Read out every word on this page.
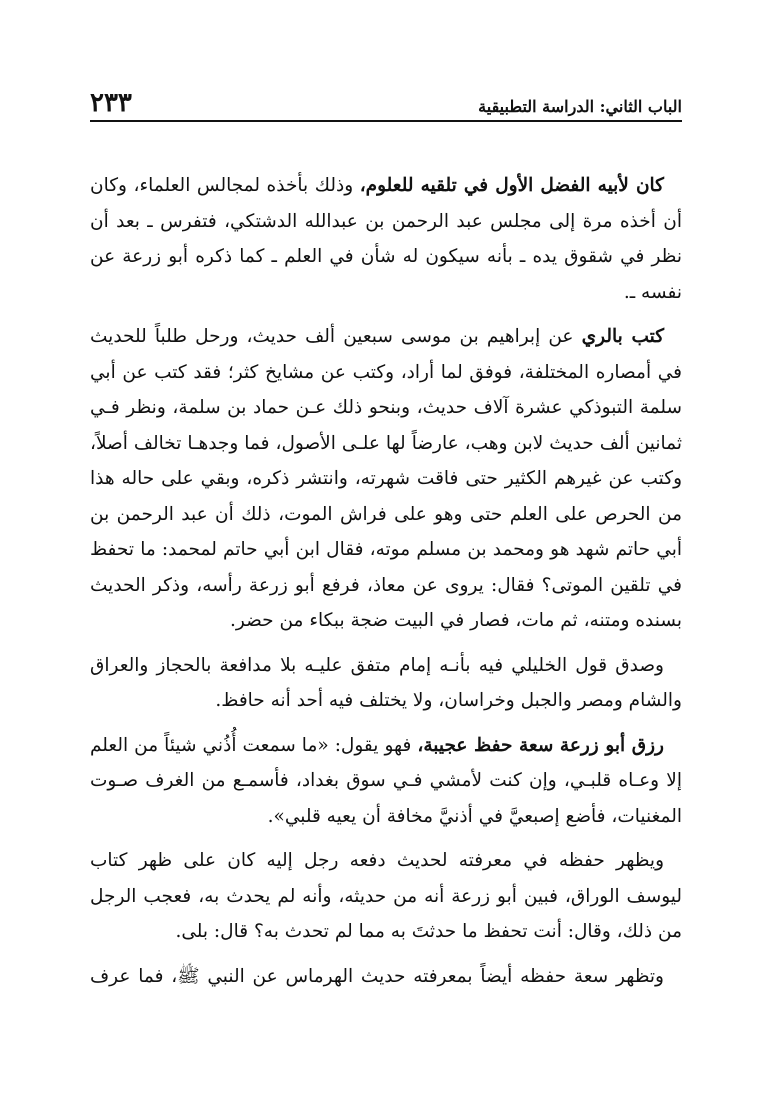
٢٣٣	الباب الثاني: الدراسة التطبيقية

كان لأبيه الفضل الأول في تلقيه للعلوم، وذلك بأخذه لمجالس العلماء، وكان أن أخذه مرة إلى مجلس عبد الرحمن بن عبدالله الدشتكي، فتفرس ـ بعد أن نظر في شقوق يده ـ بأنه سيكون له شأن في العلم ـ كما ذكره أبو زرعة عن نفسه ـ.

كتب بالري عن إبراهيم بن موسى سبعين ألف حديث، ورحل طلباً للحديث في أمصاره المختلفة، فوفق لما أراد، وكتب عن مشايخ كثر؛ فقد كتب عن أبي سلمة التبوذكي عشرة آلاف حديث، وبنحو ذلك عـن حماد بن سلمة، ونظر فـي ثمانين ألف حديث لابن وهب، عارضاً لها علـى الأصول، فما وجدهـا تخالف أصلاً، وكتب عن غيرهم الكثير حتى فاقت شهرته، وانتشر ذكره، وبقي على حاله هذا من الحرص على العلم حتى وهو على فراش الموت، ذلك أن عبد الرحمن بن أبي حاتم شهد هو ومحمد بن مسلم موته، فقال ابن أبي حاتم لمحمد: ما تحفظ في تلقين الموتى؟ فقال: يروى عن معاذ، فرفع أبو زرعة رأسه، وذكر الحديث بسنده ومتنه، ثم مات، فصار في البيت ضجة ببكاء من حضر.

وصدق قول الخليلي فيه بأنـه إمام متفق عليـه بلا مدافعة بالحجاز والعراق والشام ومصر والجبل وخراسان، ولا يختلف فيه أحد أنه حافظ.

رزق أبو زرعة سعة حفظ عجيبة، فهو يقول: «ما سمعت أُذُني شيئاً من العلم إلا وعـاه قلبـي، وإن كنت لأمشي فـي سوق بغداد، فأسمـع من الغرف صـوت المغنيات، فأضع إصبعيَّ في أذنيَّ مخافة أن يعيه قلبي».

ويظهر حفظه في معرفته لحديث دفعه رجل إليه كان على ظهر كتاب ليوسف الوراق، فبين أبو زرعة أنه من حديثه، وأنه لم يحدث به، فعجب الرجل من ذلك، وقال: أنت تحفظ ما حدثتَ به مما لم تحدث به؟ قال: بلى.

وتظهر سعة حفظه أيضاً بمعرفته حديث الهرماس عن النبي ﷺ، فما عرف
